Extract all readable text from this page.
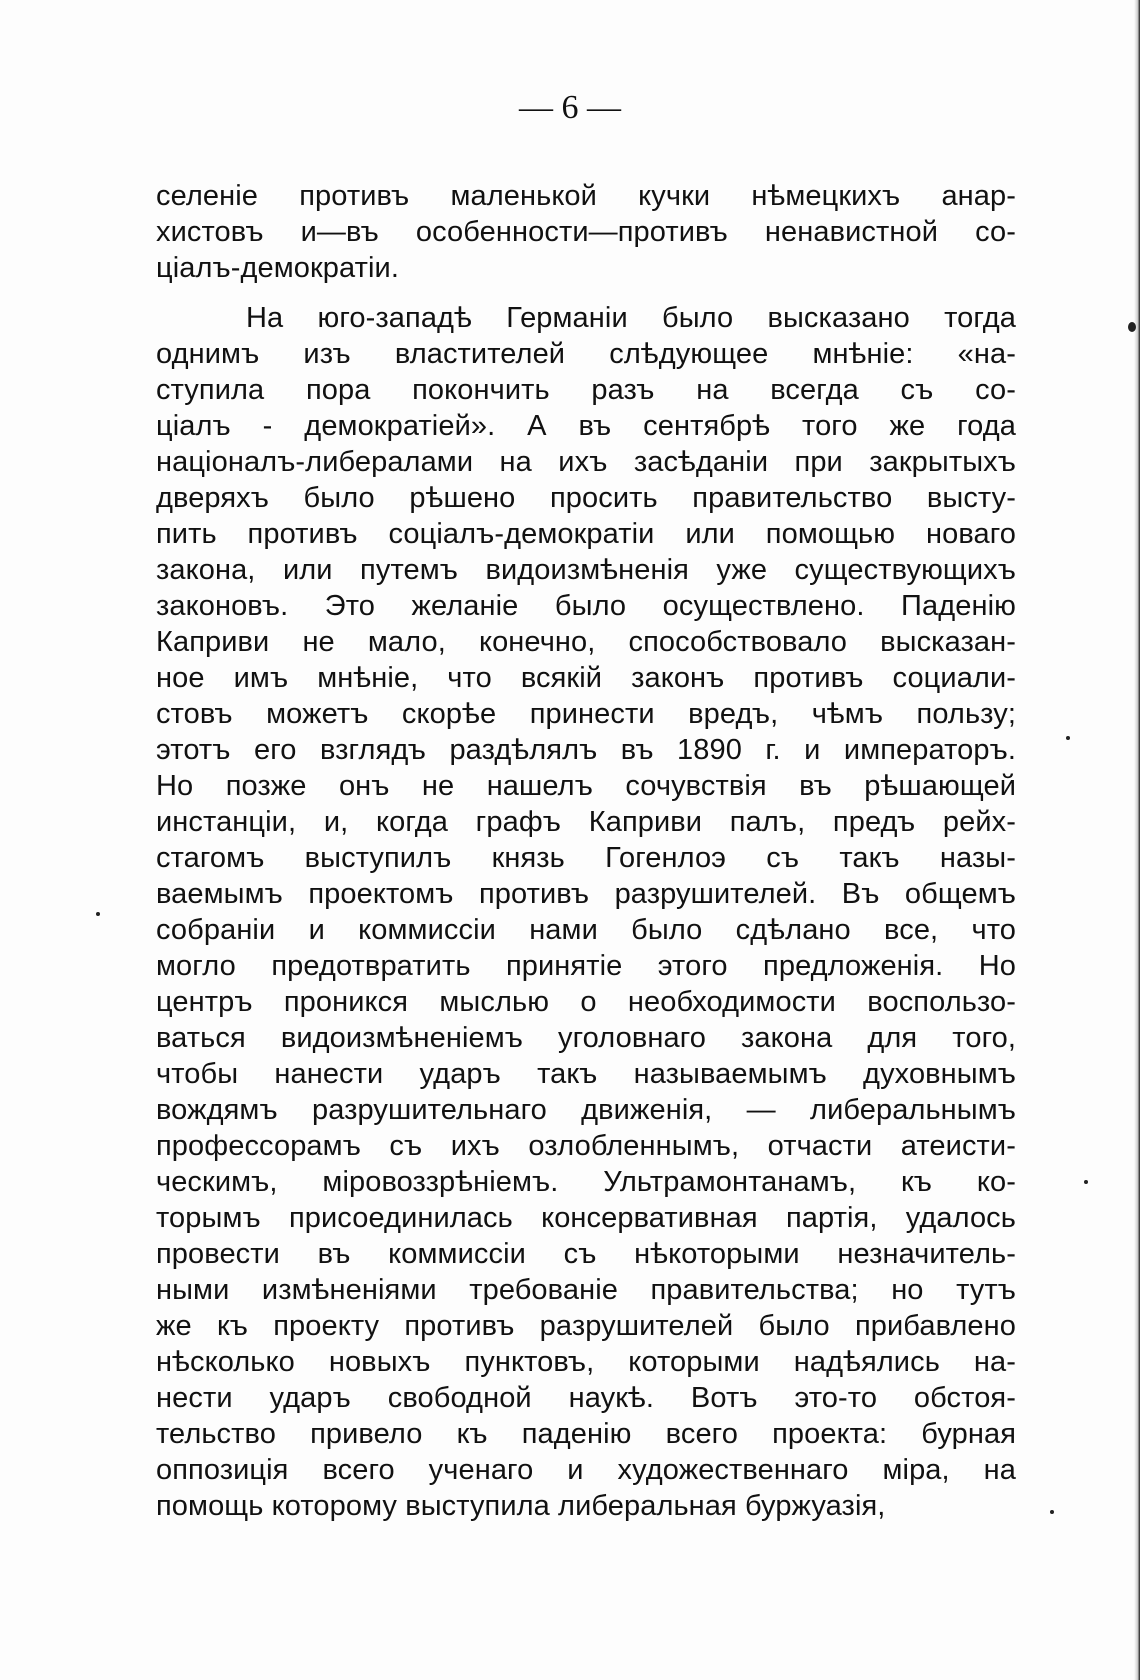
— 6 —
селеніе противъ маленькой кучки нѣмецкихъ анар-
хистовъ и—въ особенности—противъ ненавистной со-
ціалъ-демократіи.
На юго-западѣ Германіи было высказано тогда
однимъ изъ властителей слѣдующее мнѣніе: «на-
ступила пора покончить разъ на всегда съ со-
ціалъ - демократіей». А въ сентябрѣ того же года
націоналъ-либералами на ихъ засѣданіи при закрытыхъ
дверяхъ было рѣшено просить правительство высту-
пить противъ соціалъ-демократіи или помощью новаго
закона, или путемъ видоизмѣненія уже существующихъ
законовъ. Это желаніе было осуществлено. Паденію
Каприви не мало, конечно, способствовало высказан-
ное имъ мнѣніе, что всякій законъ противъ социали-
стовъ можетъ скорѣе принести вредъ, чѣмъ пользу;
этотъ его взглядъ раздѣлялъ въ 1890 г. и императоръ.
Но позже онъ не нашелъ сочувствія въ рѣшающей
инстанціи, и, когда графъ Каприви палъ, предъ рейх-
стагомъ выступилъ князь Гогенлоэ съ такъ назы-
ваемымъ проектомъ противъ разрушителей. Въ общемъ
собраніи и коммиссіи нами было сдѣлано все, что
могло предотвратить принятіе этого предложенія. Но
центръ проникся мыслью о необходимости воспользо-
ваться видоизмѣненіемъ уголовнаго закона для того,
чтобы нанести ударъ такъ называемымъ духовнымъ
вождямъ разрушительнаго движенія, — либеральнымъ
профессорамъ съ ихъ озлобленнымъ, отчасти атеисти-
ческимъ, міровоззрѣніемъ. Ультрамонтанамъ, къ ко-
торымъ присоединилась консервативная партія, удалось
провести въ коммиссіи съ нѣкоторыми незначитель-
ными измѣненіями требованіе правительства; но тутъ
же къ проекту противъ разрушителей было прибавлено
нѣсколько новыхъ пунктовъ, которыми надѣялись на-
нести ударъ свободной наукѣ. Вотъ это-то обстоя-
тельство привело къ паденію всего проекта: бурная
оппозиція всего ученаго и художественнаго міра, на
помощь которому выступила либеральная буржуазія,
